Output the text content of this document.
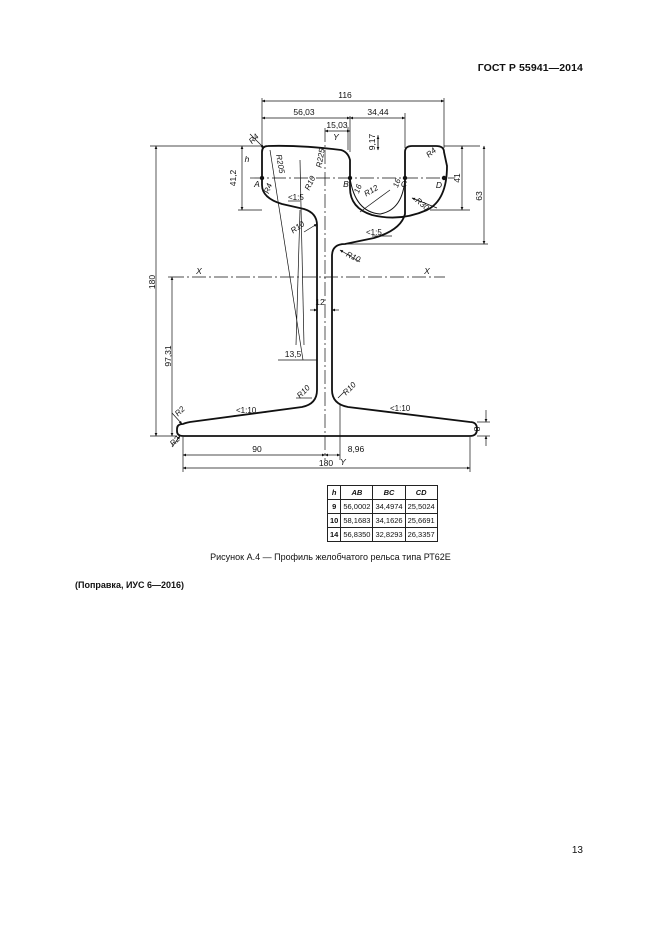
ГОСТ Р 55941—2014
116
56,03	34,44
15,03
9,17
41,2	41
63
180
97,31
12
13,5
90	8,96
180
8
h
A	B	C	D
X	X
Y
Y
<1:5
<1:5
<1:10	<1:10
R4
R4
R4
R205	R225
R10
R10
R12
R30
R10
R10	R10
R2
R2
16	16
h	AB	BC	CD
9	56,0002	34,4974	25,5024
10	58,1683	34,1626	25,6691
14	56,8350	32,8293	26,3357
Рисунок А.4 — Профиль желобчатого рельса типа РТ62Е
(Поправка, ИУС 6—2016)
13
